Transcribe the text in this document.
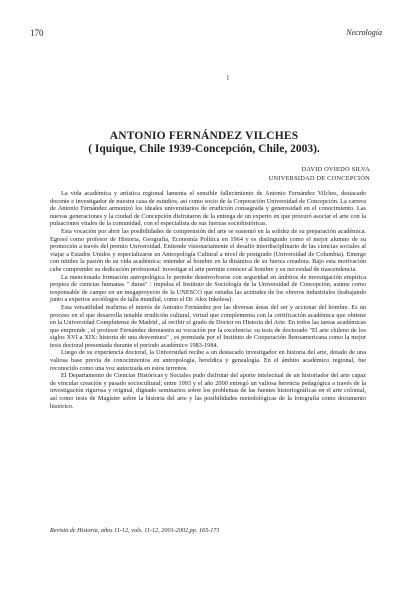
170	Necrología
1
ANTONIO FERNÁNDEZ VILCHES
( Iquique, Chile 1939-Concepción, Chile, 2003).
DAVID OVIEDO SILVA
UNIVERSIDAD DE CONCEPCIÓN

La vida académica y artística regional lamenta el sensible fallecimiento de Antonio Fernández Vilches, destacado docente e investigador de nuestra casa de estudios, así como socio de la Corporación Universidad de Concepción. La carrera de Antonio Fernández armonizó los ideales universitarios de erudición consagrada y generosidad en el conocimiento. Las nuevas generaciones y la ciudad de Concepción disfrutaron de la entrega de un experto en que procuró asociar el arte con la pulsaciones vitales de la comunidad, con el especialista de sus fuerzas sociohistóricas.

Esta vocación por abrir las posibilidades de comprensión del arte se sustentó en la solidez de su preparación académica. Egresó como profesor de Historia, Geografía, Economía Política en 1964 y es distinguido como el mejor alumno de su promoción a través del premio Universidad. Entiende visionariamente el desafío interdisciplinario de las ciencias sociales al viajar a Estados Unidos y especializarse en Antropología Cultural a nivel de postgrado (Universidad de Columbia). Emerge con nitidez la pasión de su vida académica: entender al hombre en la dinámica de su fuerza creadora. Bajo esta motivación cabe comprender su dedicación profesional: investigar el arte permite conocer al hombre y su necesidad de trascendencia.

La mencionada formación antropológica le permite desenvolverse con seguridad en ámbitos de investigación empírica propios de ciencias humanas " duras" : impulsa el Instituto de Sociología de la Universidad de Concepción, asume como responsable de campo en un megaproyecto de la UNESCO que estudia las actitudes de los obreros industriales (trabajando junto a expertos sociólogos de talla mundial, como el Dr. Alex Inkeless).

Esta versatilidad reafirma el interés de Antonio Fernández por las diversas áreas del ser y accionar del hombre. Es un proceso en el que desarrolla notable erudición cultural, virtud que complementa con la certificación académica que obtiene en la Universidad Complutense de Madrid , al recibir el grado de Doctor en Historia del Arte. En todos las tareas académicas que emprende , el profesor Fernández demuestra su vocación por la excelencia: su tesis de doctorado "El arte chileno de los siglos XVI a XIX: historia de una desventura" , es premiada por el Instituto de Cooperación Iberoamericana como la mejor tesis doctoral presentada durante el periodo académico 1983-1984.

Luego de su experiencia doctoral, la Universidad recibe a un destacado investigador en historia del arte, dotado de una valiosa base previa de conocimientos en antropología, hereldica y genealogía. En el ámbito académico regional, fue reconocido como una voz autorizada en estos terrenos.

El Departamento de Ciencias Históricas y Sociales pudo disfrutar del aporte intelectual de un historiador del arte capaz de vincular creación y pasado sociocultural; entre 1993 y el año 2000 entregó un valiosa herencia pedagógica a través de la investigación rigurosa y original, dignado seminarios sobre los problemas de las fuentes historiográficas en el arte colonial, así como tesis de Magíster sobre la historia del arte y las posibilidades metodológicas de la fotografía como documento histórico.

Revista de Historia, años 11-12, vols. 11-12, 2001-2002,pp. 165-171
